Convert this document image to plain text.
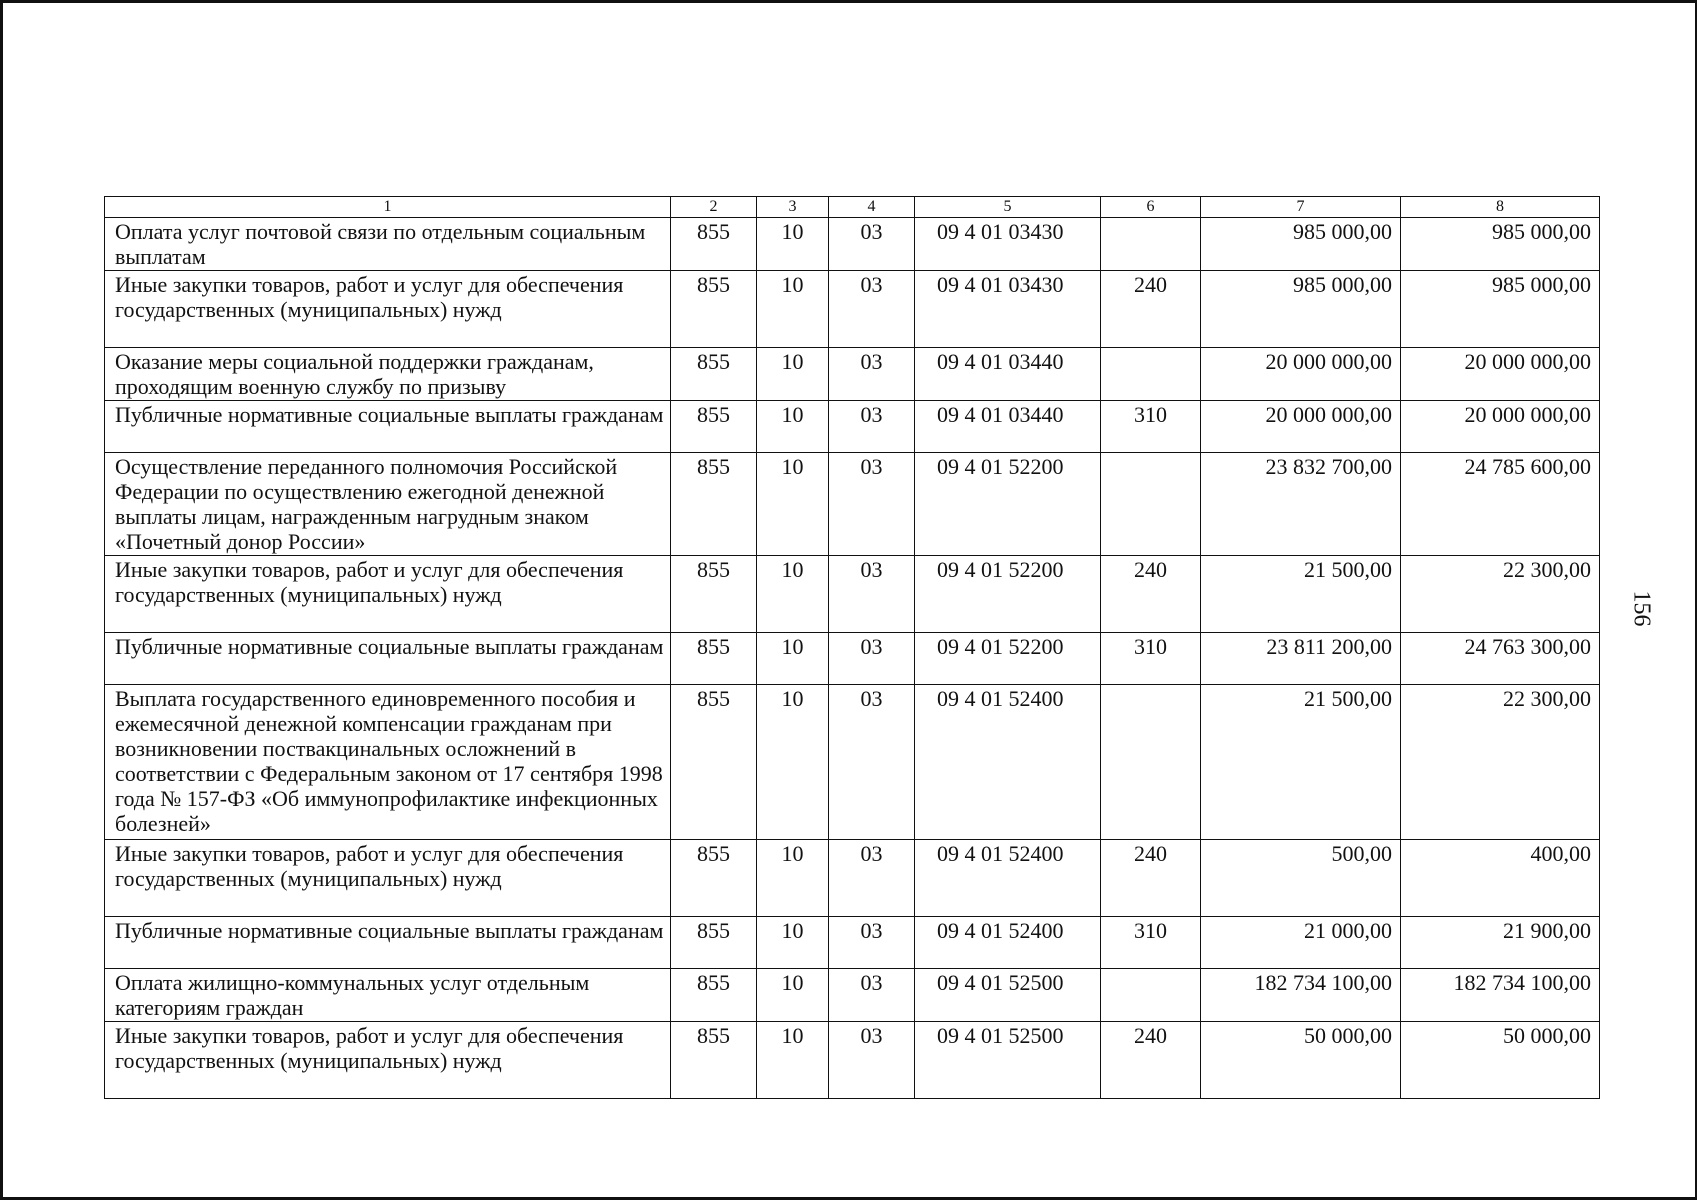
156
1	2	3	4	5	6	7	8
Оплата услуг почтовой связи по отдельным социальным выплатам	855	10	03	09 4 01 03430		985 000,00	985 000,00
Иные закупки товаров, работ и услуг для обеспечения государственных (муниципальных) нужд	855	10	03	09 4 01 03430	240	985 000,00	985 000,00
Оказание меры социальной поддержки гражданам, проходящим военную службу по призыву	855	10	03	09 4 01 03440		20 000 000,00	20 000 000,00
Публичные нормативные социальные выплаты гражданам	855	10	03	09 4 01 03440	310	20 000 000,00	20 000 000,00
Осуществление переданного полномочия Российской Федерации по осуществлению ежегодной денежной выплаты лицам, награжденным нагрудным знаком «Почетный донор России»	855	10	03	09 4 01 52200		23 832 700,00	24 785 600,00
Иные закупки товаров, работ и услуг для обеспечения государственных (муниципальных) нужд	855	10	03	09 4 01 52200	240	21 500,00	22 300,00
Публичные нормативные социальные выплаты гражданам	855	10	03	09 4 01 52200	310	23 811 200,00	24 763 300,00
Выплата государственного единовременного пособия и ежемесячной денежной компенсации гражданам при возникновении поствакцинальных осложнений в соответствии с Федеральным законом от 17 сентября 1998 года № 157-ФЗ «Об иммунопрофилактике инфекционных болезней»	855	10	03	09 4 01 52400		21 500,00	22 300,00
Иные закупки товаров, работ и услуг для обеспечения государственных (муниципальных) нужд	855	10	03	09 4 01 52400	240	500,00	400,00
Публичные нормативные социальные выплаты гражданам	855	10	03	09 4 01 52400	310	21 000,00	21 900,00
Оплата жилищно-коммунальных услуг отдельным категориям граждан	855	10	03	09 4 01 52500		182 734 100,00	182 734 100,00
Иные закупки товаров, работ и услуг для обеспечения государственных (муниципальных) нужд	855	10	03	09 4 01 52500	240	50 000,00	50 000,00
